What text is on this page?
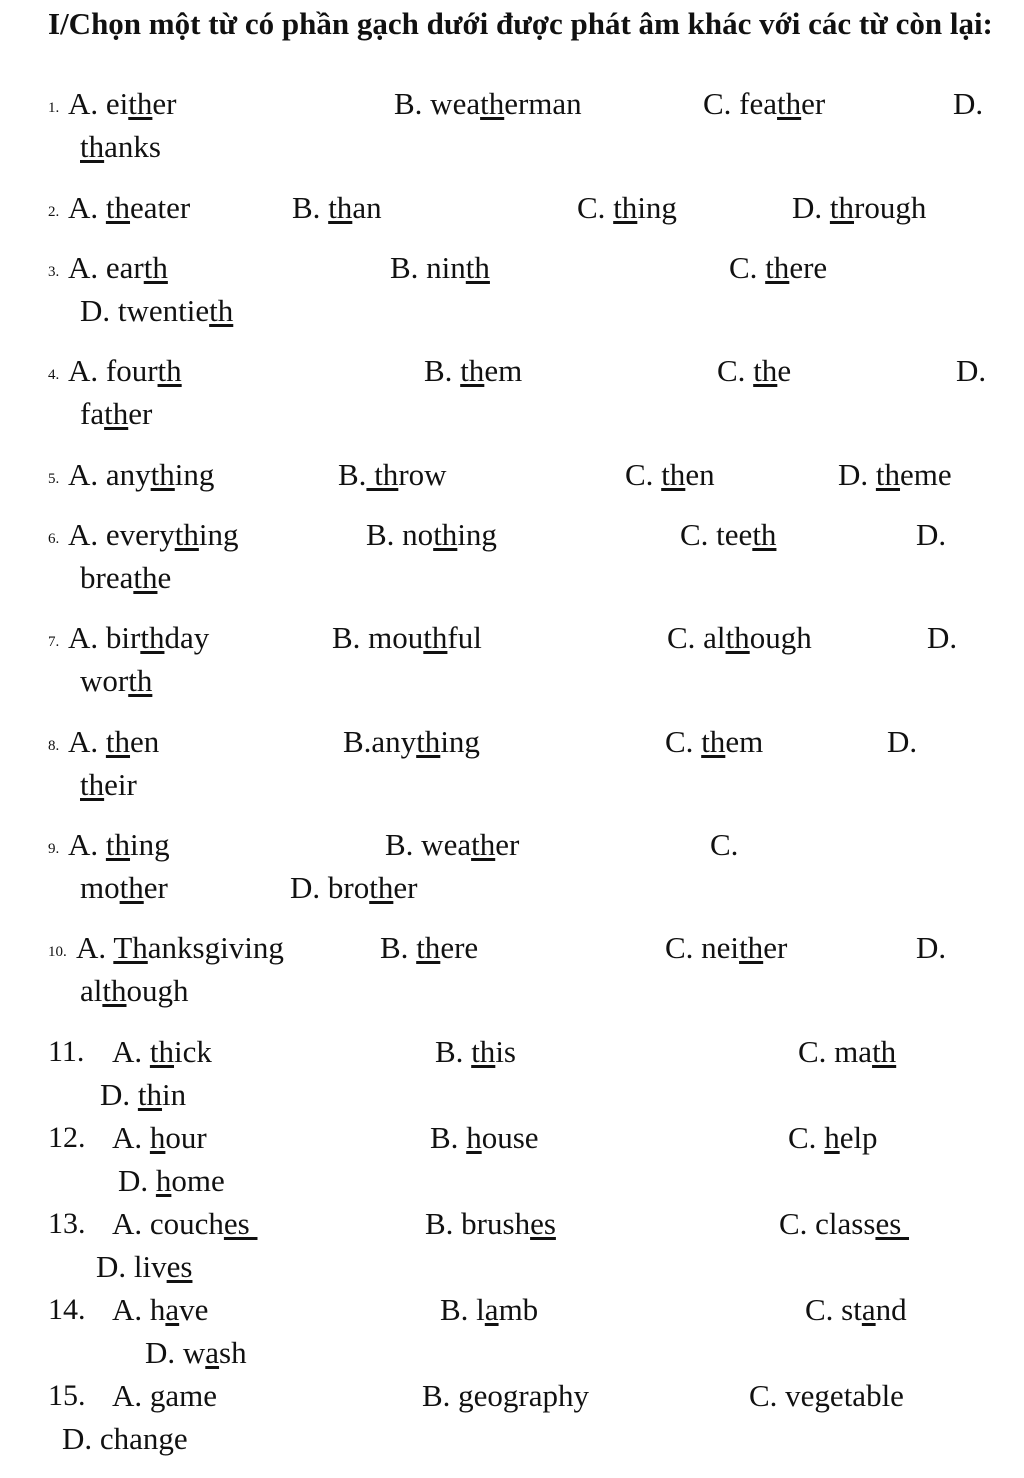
I/Chọn một từ có phần gạch dưới được phát âm khác với các từ còn lại:
1. A. either	B. weatherman	C. feather	D.
thanks
2. A. theater	B. than	C. thing	D. through
3. A. earth	B. ninth	C. there
D. twentieth
4. A. fourth	B. them	C. the	D.
father
5. A. anything	B. throw	C. then	D. theme
6. A. everything	B. nothing	C. teeth	D.
breathe
7. A. birthday	B. mouthful	C. although	D.
worth
8. A. then	B.anything	C. them	D.
their
9. A. thing	B. weather	C.
mother	D. brother
10. A. Thanksgiving	B. there	C. neither	D.
although
11. A. thick	B. this	C. math
D. thin
12. A. hour	B. house	C. help
D. home
13. A. couches	B. brushes	C. classes
D. lives
14. A. have	B. lamb	C. stand
D. wash
15. A. game	B. geography	C. vegetable
D. change
